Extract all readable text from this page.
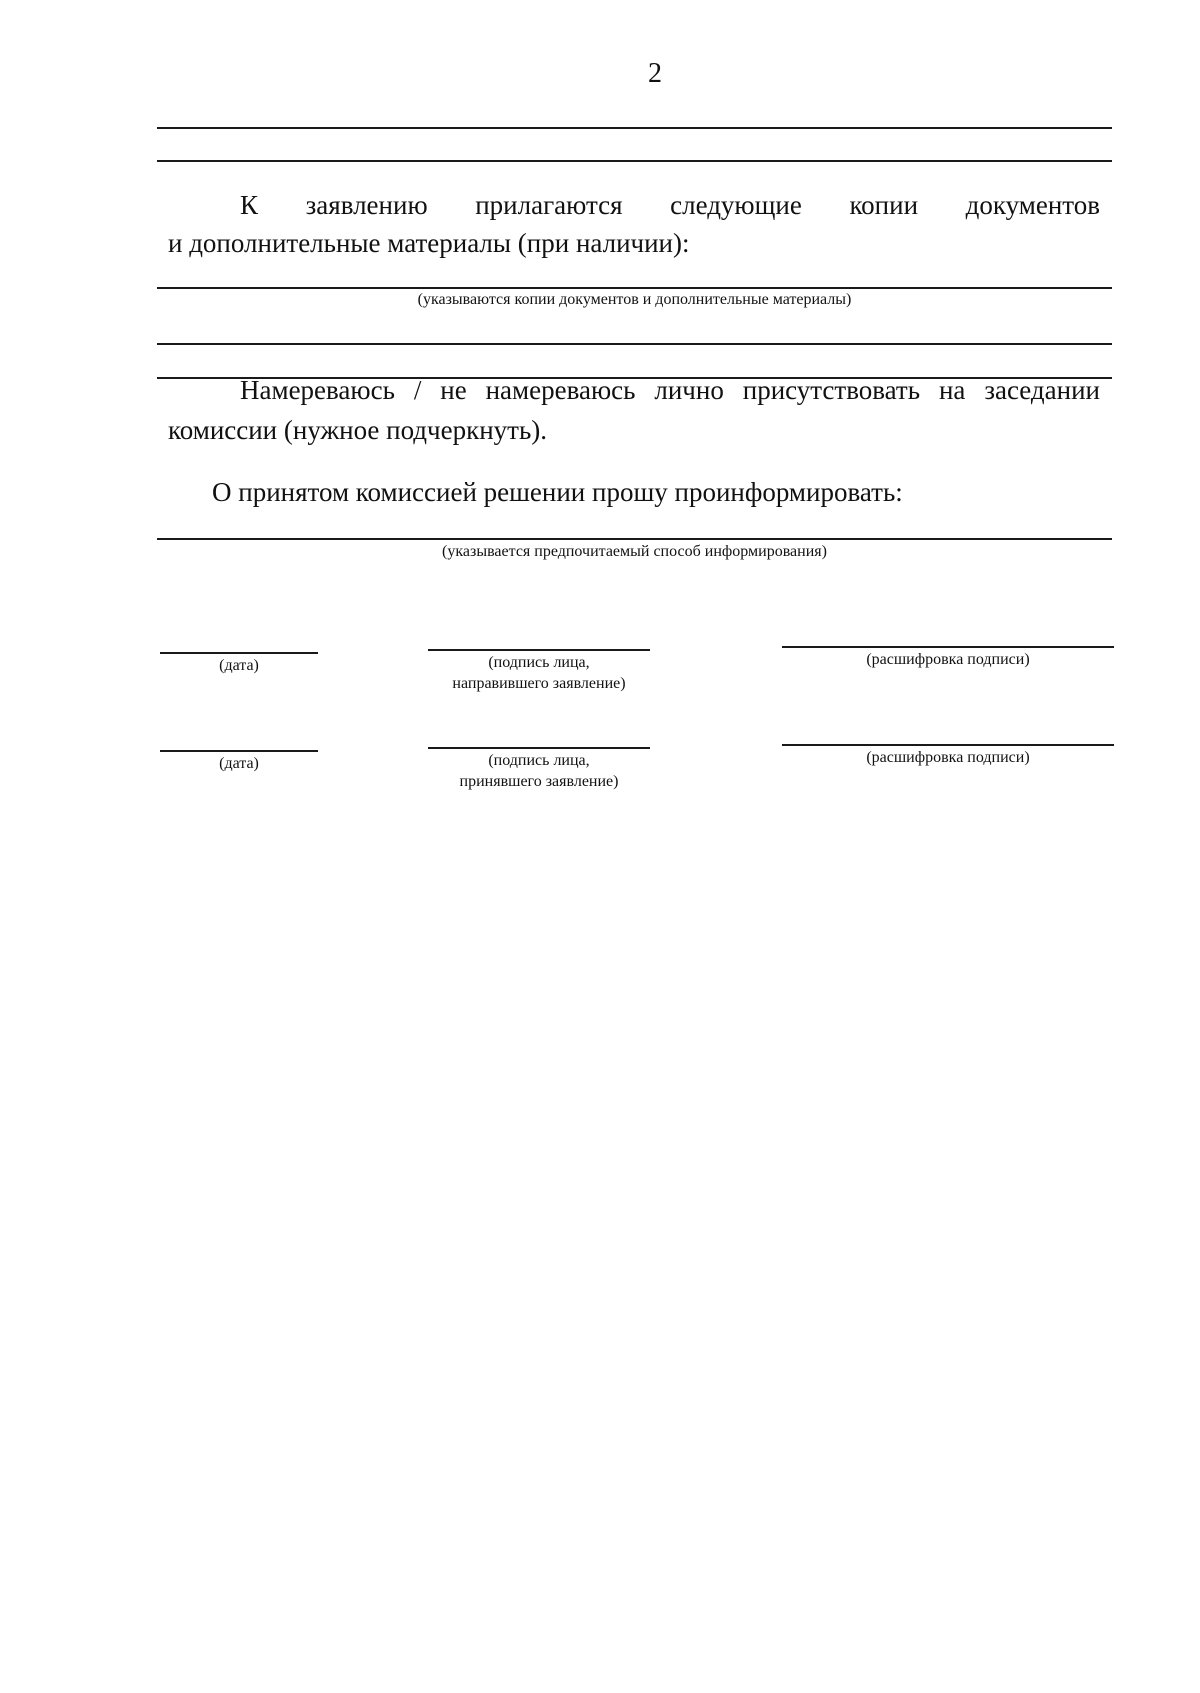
2
К заявлению прилагаются следующие копии документов
и дополнительные материалы (при наличии):
(указываются копии документов и дополнительные материалы)
Намереваюсь / не намереваюсь лично присутствовать на заседании
комиссии (нужное подчеркнуть).
О принятом комиссией решении прошу проинформировать:
(указывается предпочитаемый способ информирования)
(дата)	(подпись лица,
направившего заявление)
(расшифровка подписи)
(дата)	(подпись лица,
принявшего заявление)
(расшифровка подписи)
